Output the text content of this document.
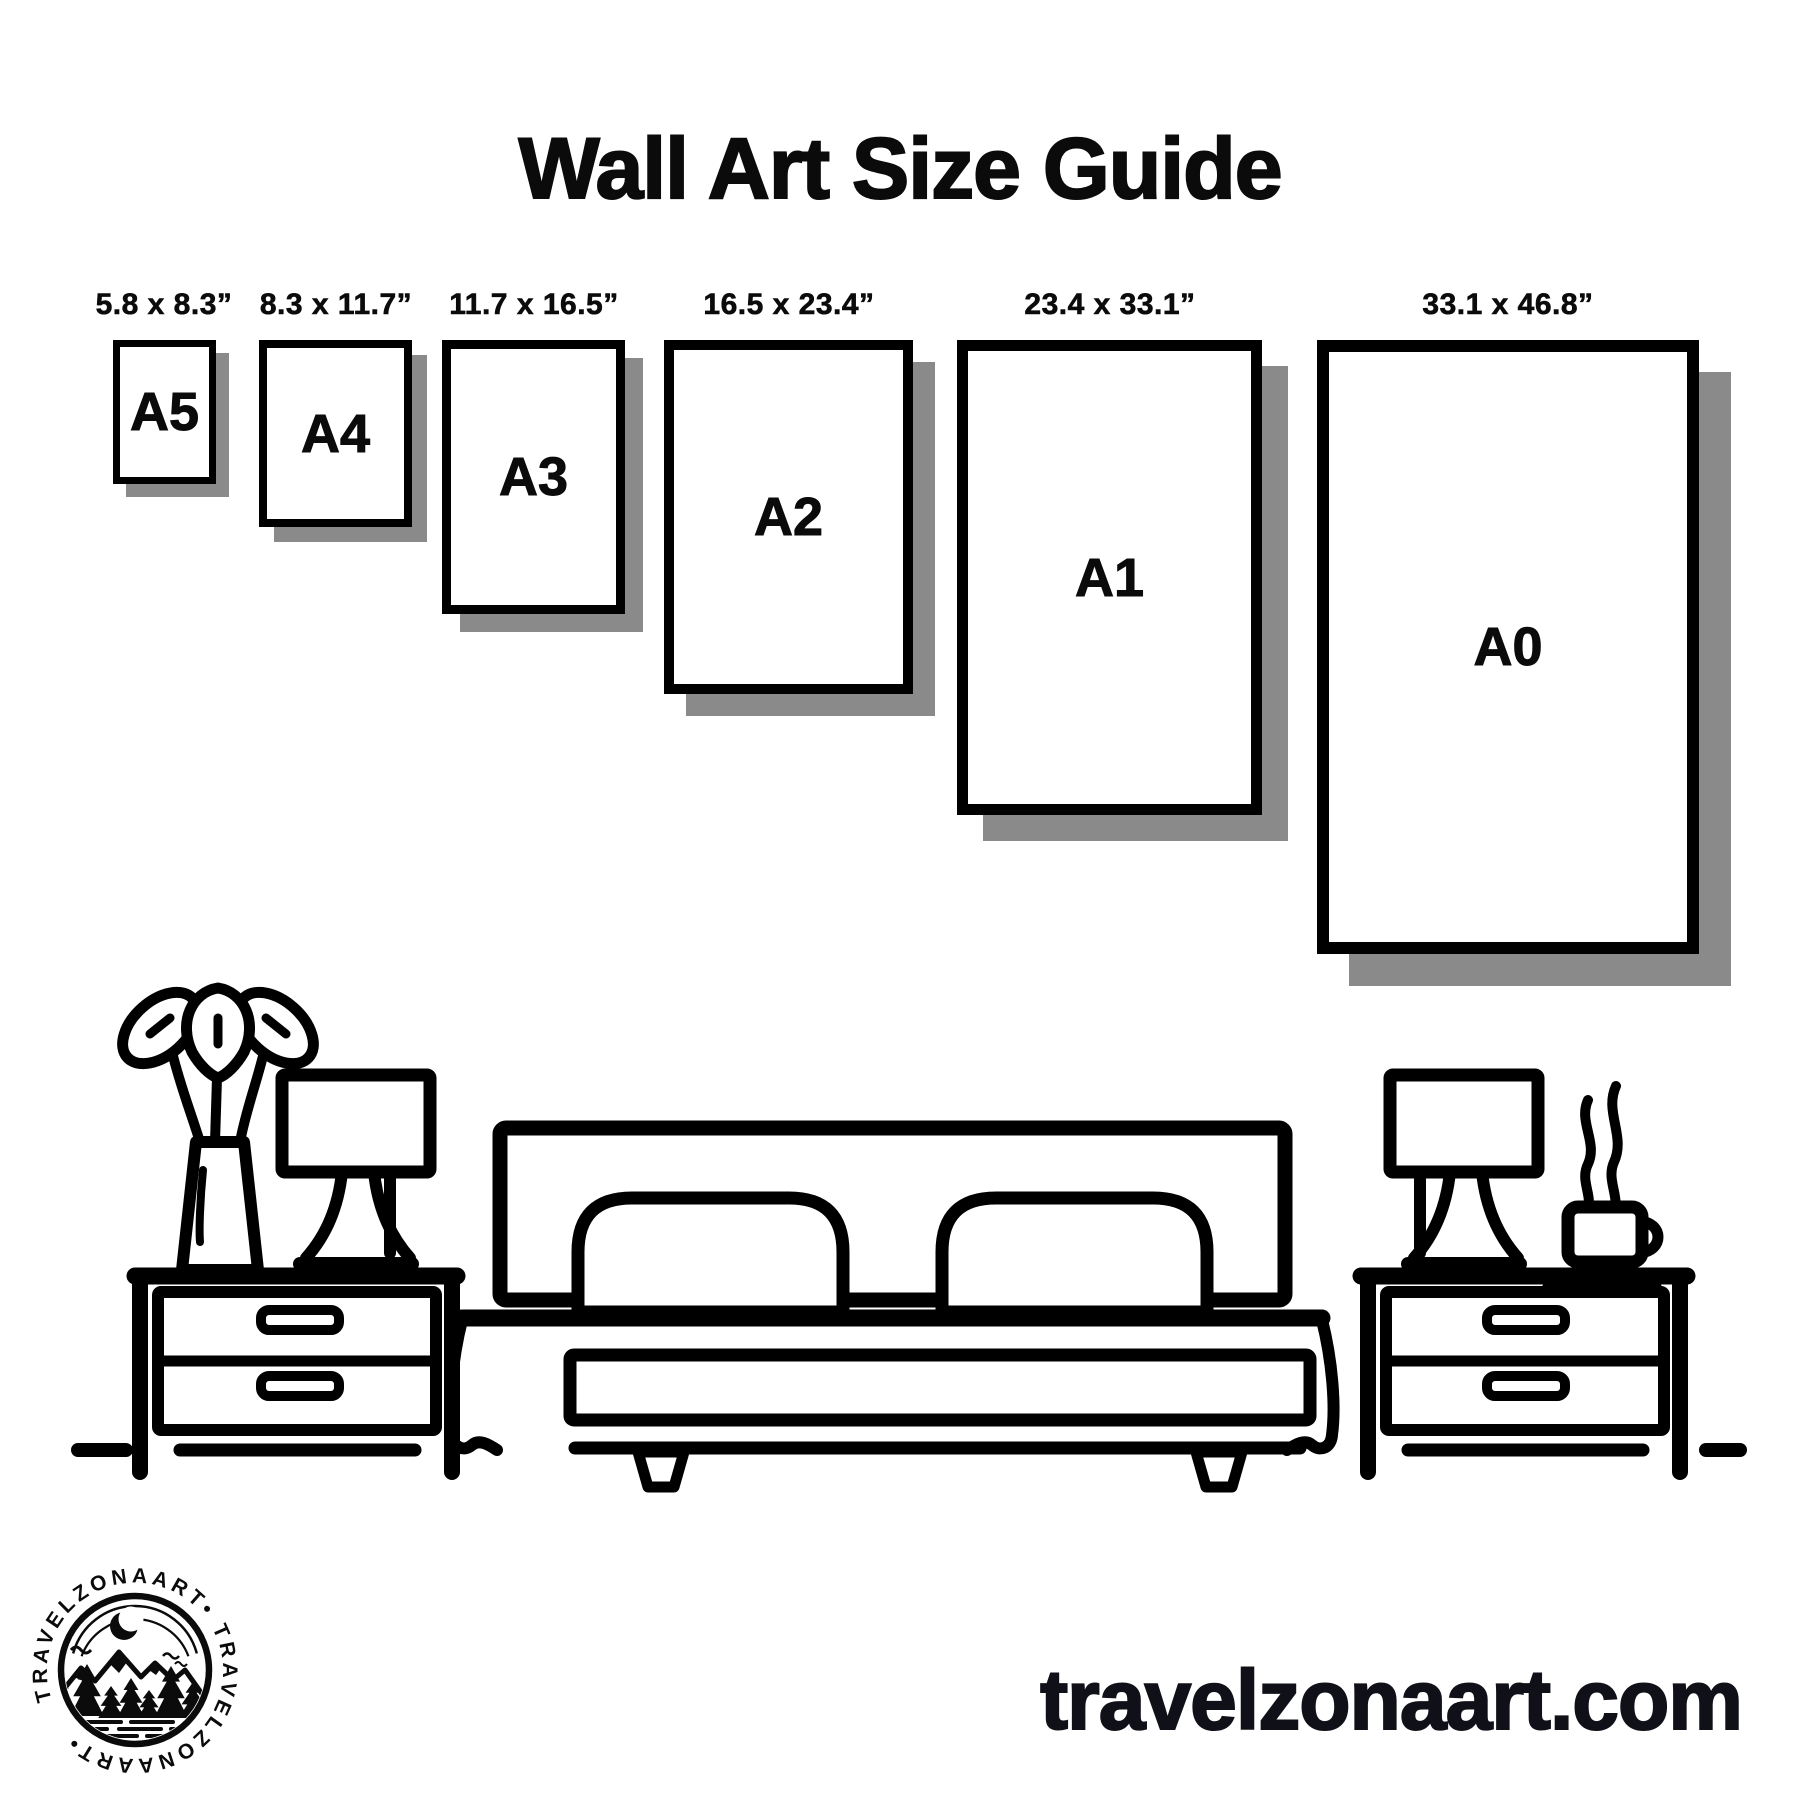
Wall Art Size Guide
5.8 x 8.3” 8.3 x 11.7” 11.7 x 16.5”	16.5 x 23.4”	23.4 x 33.1”	33.1 x 46.8”
A5 A4
A3
A2
A1
A0
TRAVELZONAART• TRAVELZONAART•	travelzonaart.com
